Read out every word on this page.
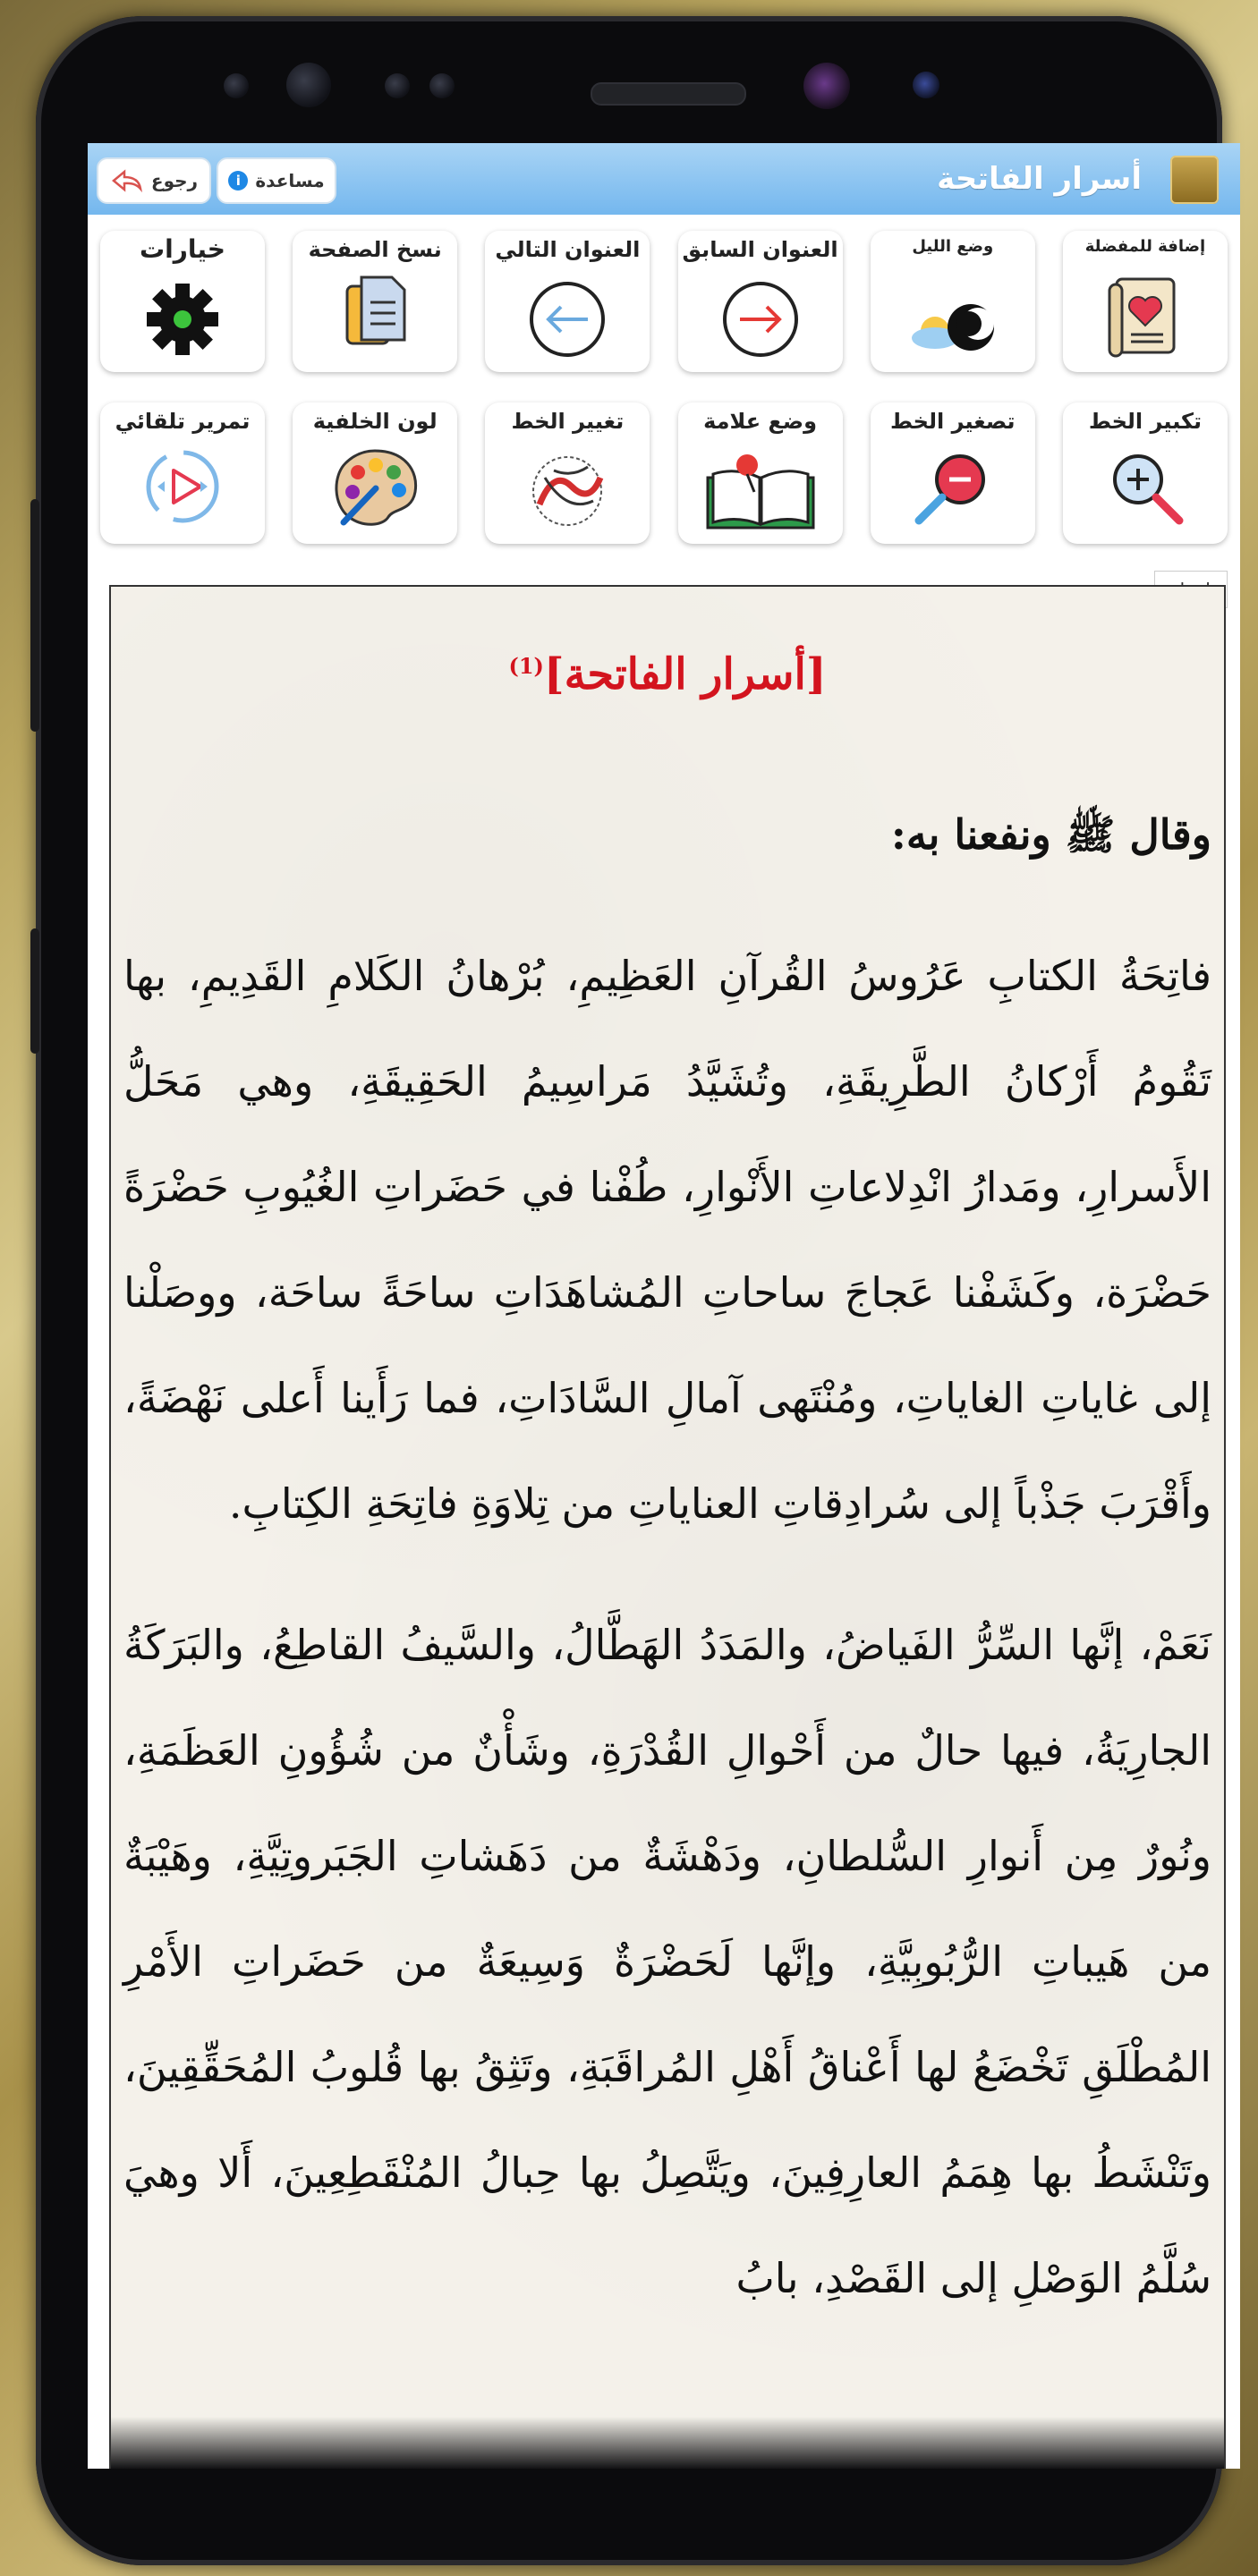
أسرار الفاتحة
i مساعدة
رجوع
إضافة للمفضلة
وضع الليل
العنوان السابق
العنوان التالي
نسخ الصفحة
خيارات
تكبير الخط
تصغير الخط
وضع علامة
تغيير الخط
لون الخلفية
تمرير تلقائي
[أسرار الفاتحة]$^{(1)}$

وقال ﷺ ونفعنا به:

فاتِحَةُ الكتابِ عَرُوسُ القُرآنِ العَظِيمِ، بُرْهانُ الكَلامِ القَدِيمِ، بها تَقُومُ أَرْكانُ الطَّرِيقَةِ، وتُشَيَّدُ مَراسِيمُ الحَقِيقَةِ، وهي مَحَلُّ الأَسرارِ، ومَدارُ انْدِلاعاتِ الأَنْوارِ، طُفْنا في حَضَراتِ الغُيُوبِ حَضْرَةً حَضْرَة، وكَشَفْنا عَجاجَ ساحاتِ المُشاهَدَاتِ ساحَةً ساحَة، ووصَلْنا إلى غاياتِ الغاياتِ، ومُنْتَهى آمالِ السَّادَاتِ، فما رَأَينا أَعلى نَهْضَةً، وأَقْرَبَ جَذْباً إلى سُرادِقاتِ العناياتِ من تِلاوَةِ فاتِحَةِ الكِتابِ.

نَعَمْ، إنَّها السِّرُّ الفَياضُ، والمَدَدُ الهَطَّالُ، والسَّيفُ القاطِعُ، والبَرَكَةُ الجارِيَةُ، فيها حالٌ من أَحْوالِ القُدْرَةِ، وشَأْنٌ من شُؤُونِ العَظَمَةِ، ونُورٌ مِن أَنوارِ السُّلطانِ، ودَهْشَةٌ من دَهَشاتِ الجَبَروتِيَّةِ، وهَيْبَةٌ من هَيباتِ الرُّبُوبِيَّةِ، وإنَّها لَحَضْرَةٌ وَسِيعَةٌ من حَضَراتِ الأَمْرِ المُطْلَقِ تَخْضَعُ لها أَعْناقُ أَهْلِ المُراقَبَةِ، وتَثِقُ بها قُلوبُ المُحَقِّقِينَ، وتَنْشَطُ بها هِمَمُ العارِفِينَ، ويَتَّصِلُ بها حِبالُ المُنْقَطِعِينَ، أَلا وهيَ سُلَّمُ الوَصْلِ إلى القَصْدِ، بابُ
